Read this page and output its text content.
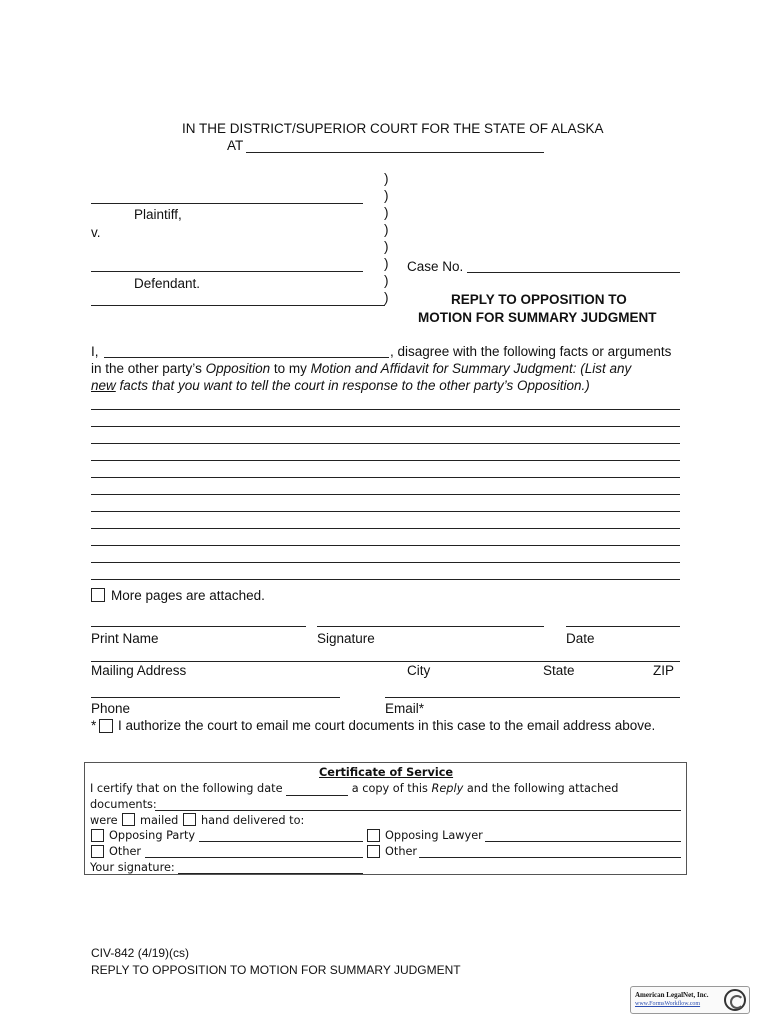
IN THE DISTRICT/SUPERIOR COURT FOR THE STATE OF ALASKA
AT
Plaintiff,
v.
Defendant.
)
)
)
)
)
)
)
)
Case No.
REPLY TO OPPOSITION TO
MOTION FOR SUMMARY JUDGMENT
I,	, disagree with the following facts or arguments
in the other party’s Opposition to my Motion and Affidavit for Summary Judgment: (List any
new facts that you want to tell the court in response to the other party’s Opposition.)
More pages are attached.
Print Name	Signature	Date
Mailing Address	City	State	ZIP
Phone	Email*
* I authorize the court to email me court documents in this case to the email address above.
Certificate of Service
I certify that on the following date	a copy of this Reply and the following attached
documents:
were mailed hand delivered to:
Opposing Party	Opposing Lawyer
Other	Other
Your signature:
CIV-842 (4/19)(cs)
REPLY TO OPPOSITION TO MOTION FOR SUMMARY JUDGMENT
American LegalNet, Inc.
www.FormsWorkflow.com
